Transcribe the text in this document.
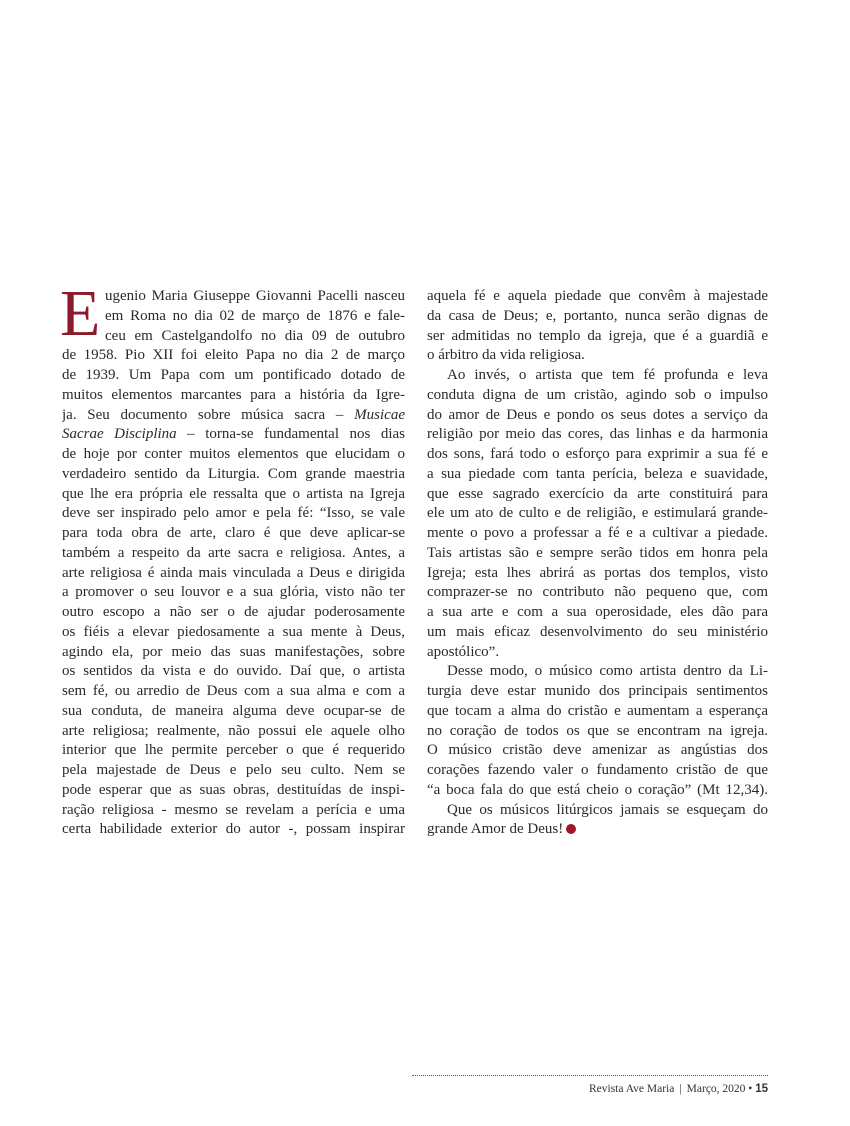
E ugenio Maria Giuseppe Giovanni Pacelli nasceu
em Roma no dia 02 de março de 1876 e fale-
ceu em Castelgandolfo no dia 09 de outubro
de 1958. Pio XII foi eleito Papa no dia 2 de março
de 1939. Um Papa com um pontificado dotado de
muitos elementos marcantes para a história da Igre-
ja. Seu documento sobre música sacra – Musicae
Sacrae Disciplina – torna-se fundamental nos dias
de hoje por conter muitos elementos que elucidam o
verdadeiro sentido da Liturgia. Com grande maestria
que lhe era própria ele ressalta que o artista na Igreja
deve ser inspirado pelo amor e pela fé: “Isso, se vale
para toda obra de arte, claro é que deve aplicar-se
também a respeito da arte sacra e religiosa. Antes, a
arte religiosa é ainda mais vinculada a Deus e dirigida
a promover o seu louvor e a sua glória, visto não ter
outro escopo a não ser o de ajudar poderosamente
os fiéis a elevar piedosamente a sua mente à Deus,
agindo ela, por meio das suas manifestações, sobre
os sentidos da vista e do ouvido. Daí que, o artista
sem fé, ou arredio de Deus com a sua alma e com a
sua conduta, de maneira alguma deve ocupar-se de
arte religiosa; realmente, não possui ele aquele olho
interior que lhe permite perceber o que é requerido
pela majestade de Deus e pelo seu culto. Nem se
pode esperar que as suas obras, destituídas de inspi-
ração religiosa - mesmo se revelam a perícia e uma
certa habilidade exterior do autor -, possam inspirar
aquela fé e aquela piedade que convêm à majestade
da casa de Deus; e, portanto, nunca serão dignas de
ser admitidas no templo da igreja, que é a guardiã e
o árbitro da vida religiosa.
Ao invés, o artista que tem fé profunda e leva
conduta digna de um cristão, agindo sob o impulso
do amor de Deus e pondo os seus dotes a serviço da
religião por meio das cores, das linhas e da harmonia
dos sons, fará todo o esforço para exprimir a sua fé e
a sua piedade com tanta perícia, beleza e suavidade,
que esse sagrado exercício da arte constituirá para
ele um ato de culto e de religião, e estimulará grande-
mente o povo a professar a fé e a cultivar a piedade.
Tais artistas são e sempre serão tidos em honra pela
Igreja; esta lhes abrirá as portas dos templos, visto
comprazer-se no contributo não pequeno que, com
a sua arte e com a sua operosidade, eles dão para
um mais eficaz desenvolvimento do seu ministério
apostólico”.
Desse modo, o músico como artista dentro da Li-
turgia deve estar munido dos principais sentimentos
que tocam a alma do cristão e aumentam a esperança
no coração de todos os que se encontram na igreja.
O músico cristão deve amenizar as angústias dos
corações fazendo valer o fundamento cristão de que
“a boca fala do que está cheio o coração” (Mt 12,34).
Que os músicos litúrgicos jamais se esqueçam do
grande Amor de Deus!
Revista Ave Maria | Março, 2020 • 15
